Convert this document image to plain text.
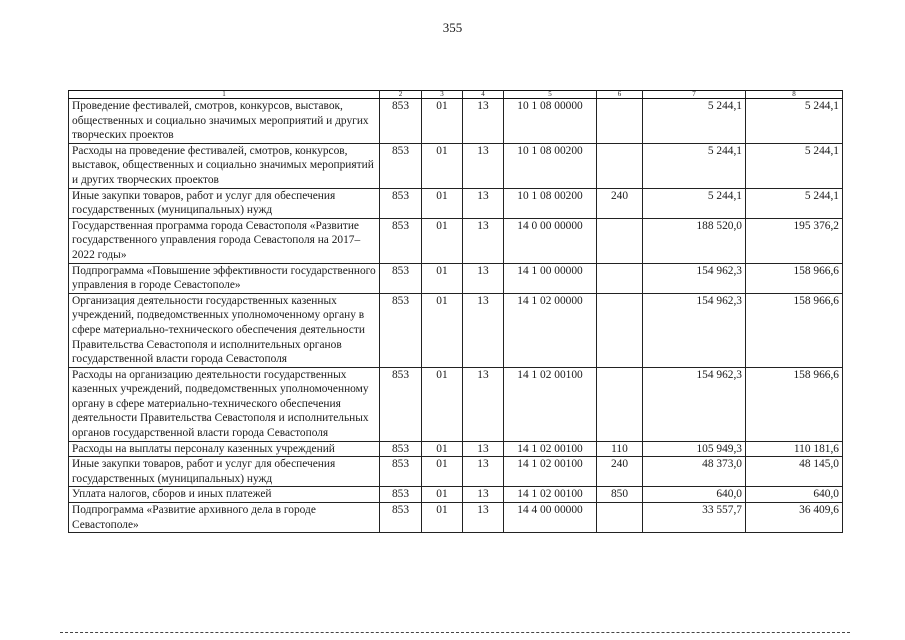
355
1	2	3	4	5	6	7	8
Проведение фестивалей, смотров, конкурсов, выставок, общественных и социально значимых мероприятий и других творческих проектов	853	01	13	10 1 08 00000		5 244,1	5 244,1
Расходы на проведение фестивалей, смотров, конкурсов, выставок, общественных и социально значимых мероприятий и других творческих проектов	853	01	13	10 1 08 00200		5 244,1	5 244,1
Иные закупки товаров, работ и услуг для обеспечения государственных (муниципальных) нужд	853	01	13	10 1 08 00200	240	5 244,1	5 244,1
Государственная программа города Севастополя «Развитие государственного управления города Севастополя на 2017–2022 годы»	853	01	13	14 0 00 00000		188 520,0	195 376,2
Подпрограмма «Повышение эффективности государственного управления в городе Севастополе»	853	01	13	14 1 00 00000		154 962,3	158 966,6
Организация деятельности государственных казенных учреждений, подведомственных уполномоченному органу в сфере материально-технического обеспечения деятельности Правительства Севастополя и исполнительных органов государственной власти города Севастополя	853	01	13	14 1 02 00000		154 962,3	158 966,6
Расходы на организацию деятельности государственных казенных учреждений, подведомственных уполномоченному органу в сфере материально-технического обеспечения деятельности Правительства Севастополя и исполнительных органов государственной власти города Севастополя	853	01	13	14 1 02 00100		154 962,3	158 966,6
Расходы на выплаты персоналу казенных учреждений	853	01	13	14 1 02 00100	110	105 949,3	110 181,6
Иные закупки товаров, работ и услуг для обеспечения государственных (муниципальных) нужд	853	01	13	14 1 02 00100	240	48 373,0	48 145,0
Уплата налогов, сборов и иных платежей	853	01	13	14 1 02 00100	850	640,0	640,0
Подпрограмма «Развитие архивного дела в городе Севастополе»	853	01	13	14 4 00 00000		33 557,7	36 409,6
